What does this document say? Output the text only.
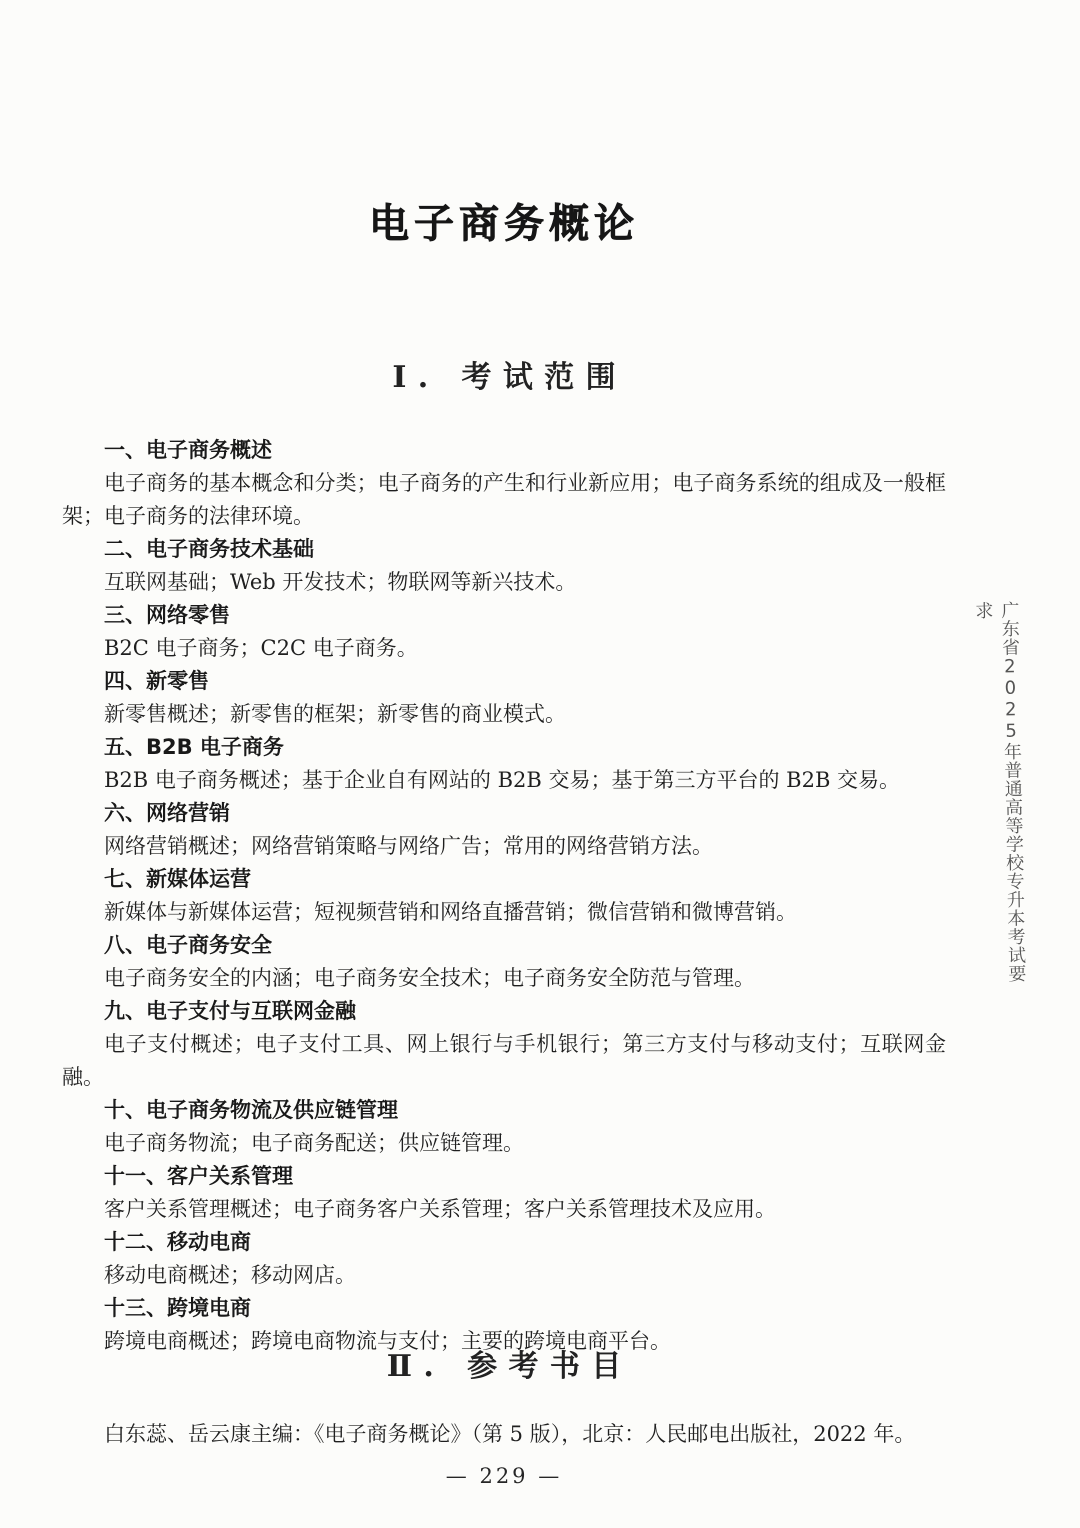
电子商务概论
Ⅰ. 考试范围

一、电子商务概述

电子商务的基本概念和分类；电子商务的产生和行业新应用；电子商务系统的组成及一般框架；电子商务的法律环境。

二、电子商务技术基础

互联网基础；Web 开发技术；物联网等新兴技术。

三、网络零售

B2C 电子商务；C2C 电子商务。

四、新零售

新零售概述；新零售的框架；新零售的商业模式。

五、B2B 电子商务

B2B 电子商务概述；基于企业自有网站的 B2B 交易；基于第三方平台的 B2B 交易。

六、网络营销

网络营销概述；网络营销策略与网络广告；常用的网络营销方法。

七、新媒体运营

新媒体与新媒体运营；短视频营销和网络直播营销；微信营销和微博营销。

八、电子商务安全

电子商务安全的内涵；电子商务安全技术；电子商务安全防范与管理。

九、电子支付与互联网金融

电子支付概述；电子支付工具、网上银行与手机银行；第三方支付与移动支付；互联网金融。

十、电子商务物流及供应链管理

电子商务物流；电子商务配送；供应链管理。

十一、客户关系管理

客户关系管理概述；电子商务客户关系管理；客户关系管理技术及应用。

十二、移动电商

移动电商概述；移动网店。

十三、跨境电商

跨境电商概述；跨境电商物流与支付；主要的跨境电商平台。

Ⅱ. 参考书目

白东蕊、岳云康主编：《电子商务概论》（第 5 版），北京：人民邮电出版社，2022 年。

— 229 —
广东省2025年普通高等学校专升本考试要求
